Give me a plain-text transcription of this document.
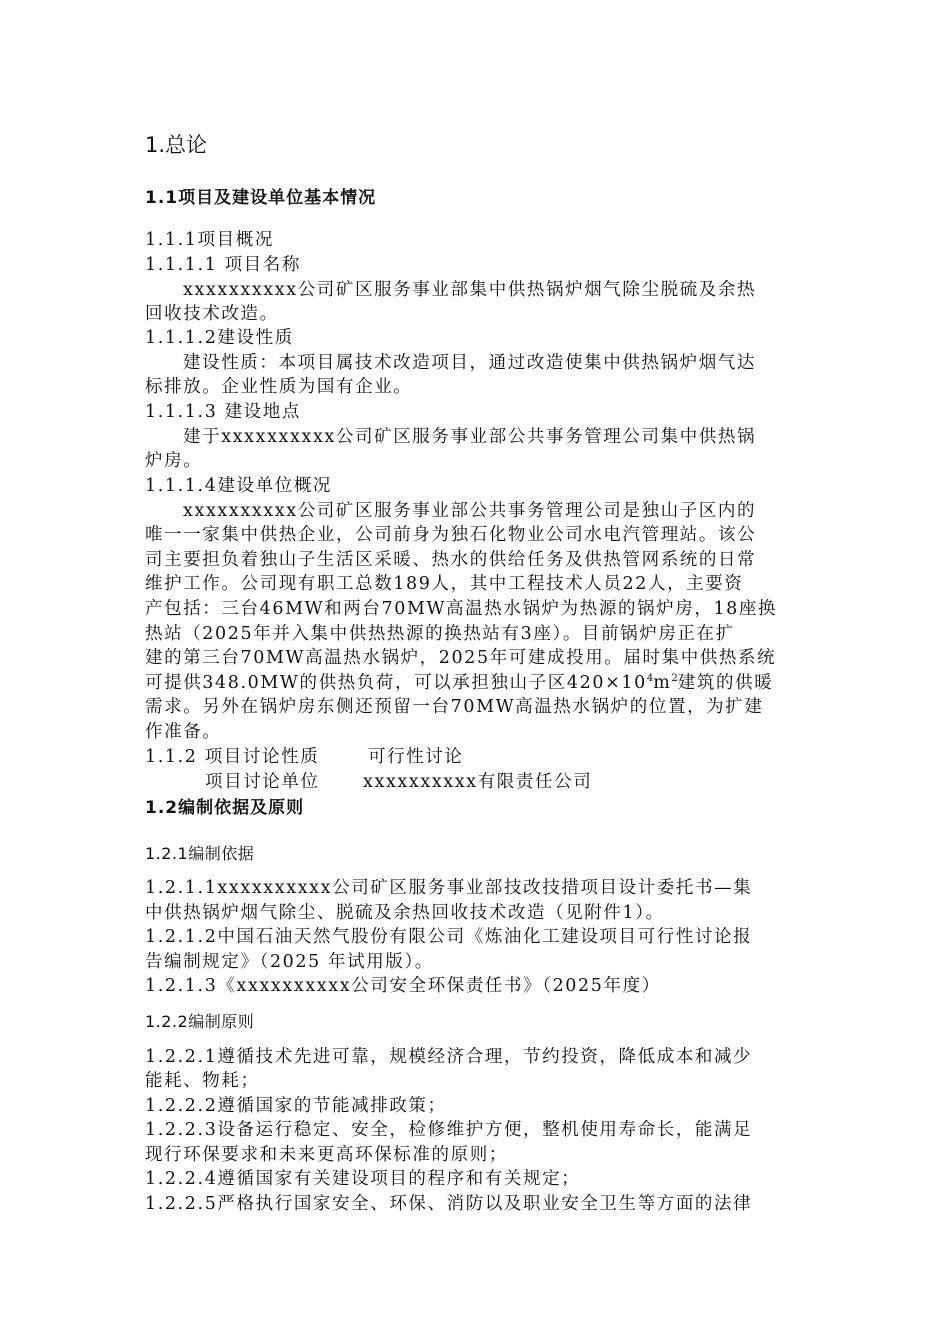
1.总论
1.1项目及建设单位基本情况
1.1.1项目概况
1.1.1.1 项目名称
xxxxxxxxxx公司矿区服务事业部集中供热锅炉烟气除尘脱硫及余热
回收技术改造。
1.1.1.2建设性质
建设性质：本项目属技术改造项目，通过改造使集中供热锅炉烟气达
标排放。企业性质为国有企业。
1.1.1.3 建设地点
建于xxxxxxxxxx公司矿区服务事业部公共事务管理公司集中供热锅
炉房。
1.1.1.4建设单位概况
xxxxxxxxxx公司矿区服务事业部公共事务管理公司是独山子区内的
唯一一家集中供热企业，公司前身为独石化物业公司水电汽管理站。该公
司主要担负着独山子生活区采暖、热水的供给任务及供热管网系统的日常
维护工作。公司现有职工总数189人，其中工程技术人员22人，主要资
产包括：三台46MW和两台70MW高温热水锅炉为热源的锅炉房，18座换
热站（2025年并入集中供热热源的换热站有3座）。目前锅炉房正在扩
建的第三台70MW高温热水锅炉，2025年可建成投用。届时集中供热系统
可提供348.0MW的供热负荷，可以承担独山子区$420\times 10^4m^2$建筑的供暖
需求。另外在锅炉房东侧还预留一台70MW高温热水锅炉的位置，为扩建
作准备。
1.1.2 项目讨论性质	可行性讨论
项目讨论单位 xxxxxxxxxx有限责任公司
1.2编制依据及原则
1.2.1编制依据
1.2.1.1xxxxxxxxxx公司矿区服务事业部技改技措项目设计委托书—集
中供热锅炉烟气除尘、脱硫及余热回收技术改造（见附件1）。
1.2.1.2中国石油天然气股份有限公司《炼油化工建设项目可行性讨论报
告编制规定》（2025 年试用版）。
1.2.1.3《xxxxxxxxxx公司安全环保责任书》（2025年度）
1.2.2编制原则
1.2.2.1遵循技术先进可靠，规模经济合理，节约投资，降低成本和减少
能耗、物耗；
1.2.2.2遵循国家的节能减排政策；
1.2.2.3设备运行稳定、安全，检修维护方便，整机使用寿命长，能满足
现行环保要求和未来更高环保标准的原则；
1.2.2.4遵循国家有关建设项目的程序和有关规定；
1.2.2.5严格执行国家安全、环保、消防以及职业安全卫生等方面的法律
